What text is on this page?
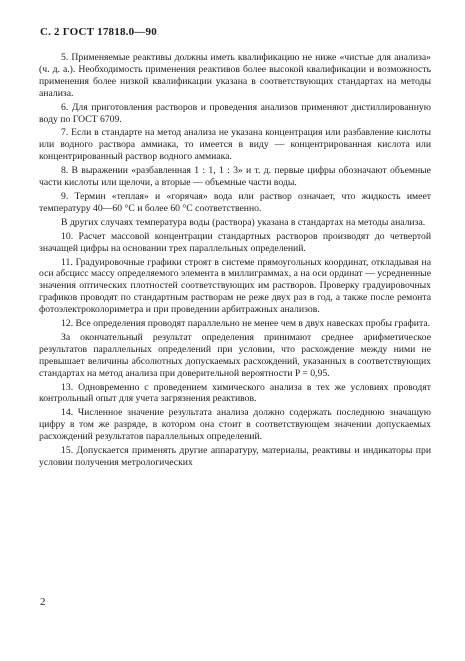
С. 2 ГОСТ 17818.0—90

5. Применяемые реактивы должны иметь квалификацию не ниже «чистые для анализа» (ч. д. а.). Необходимость применения реактивов более высокой квалификации и возможность применения более низкой квалификации указана в соответствующих стандартах на методы анализа.

6. Для приготовления растворов и проведения анализов применяют дистиллированную воду по ГОСТ 6709.

7. Если в стандарте на метод анализа не указана концентрация или разбавление кислоты или водного раствора аммиака, то имеется в виду — концентрированная кислота или концентрированный раствор водного аммиака.

8. В выражении «разбавленная 1 : 1, 1 : 3» и т. д. первые цифры обозначают объемные части кислоты или щелочи, а вторые — объемные части воды.

9. Термин «теплая» и «горячая» вода или раствор означает, что жидкость имеет температуру 40—60 °С и более 60 °С соответственно.

В других случаях температура воды (раствора) указана в стандартах на методы анализа.

10. Расчет массовой концентрации стандартных растворов производят до четвертой значащей цифры на основании трех параллельных определений.

11. Градуировочные графики строят в системе прямоугольных координат, откладывая на оси абсцисс массу определяемого элемента в миллиграммах, а на оси ординат — усредненные значения оптических плотностей соответствующих им растворов. Проверку градуировочных графиков проводят по стандартным растворам не реже двух раз в год, а также после ремонта фотоэлектроколориметра и при проведении арбитражных анализов.

12. Все определения проводят параллельно не менее чем в двух навесках пробы графита.

За окончательный результат определения принимают среднее арифметическое результатов параллельных определений при условии, что расхождение между ними не превышает величины абсолютных допускаемых расхождений, указанных в соответствующих стандартах на метод анализа при доверительной вероятности P = 0,95.

13. Одновременно с проведением химического анализа в тех же условиях проводят контрольный опыт для учета загрязнения реактивов.

14. Численное значение результата анализа должно содержать последнюю значащую цифру в том же разряде, в котором она стоит в соответствующем значении допускаемых расхождений результатов параллельных определений.

15. Допускается применять другие аппаратуру, материалы, реактивы и индикаторы при условии получения метрологических

2
